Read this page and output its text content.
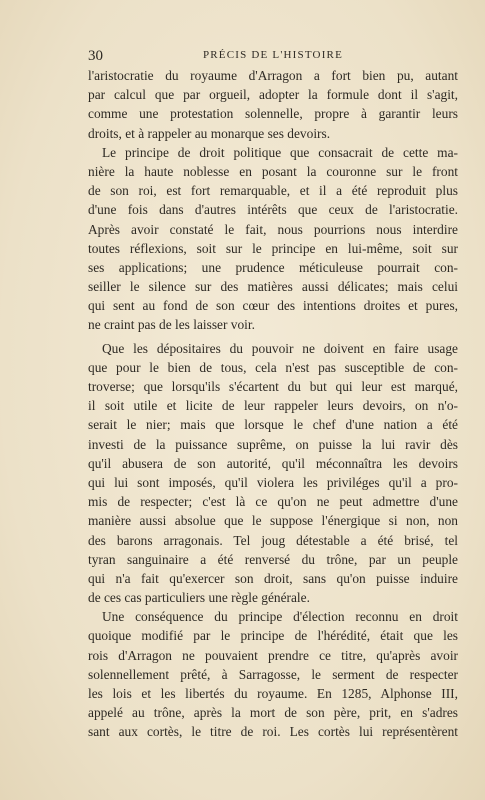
30	PRÉCIS DE L'HISTOIRE
l'aristocratie du royaume d'Arragon a fort bien pu, autant
par calcul que par orgueil, adopter la formule dont il s'agit,
comme une protestation solennelle, propre à garantir leurs
droits, et à rappeler au monarque ses devoirs.
Le principe de droit politique que consacrait de cette ma-
nière la haute noblesse en posant la couronne sur le front
de son roi, est fort remarquable, et il a été reproduit plus
d'une fois dans d'autres intérêts que ceux de l'aristocratie.
Après avoir constaté le fait, nous pourrions nous interdire
toutes réflexions, soit sur le principe en lui-même, soit sur
ses applications; une prudence méticuleuse pourrait con-
seiller le silence sur des matières aussi délicates; mais celui
qui sent au fond de son cœur des intentions droites et pures,
ne craint pas de les laisser voir.
Que les dépositaires du pouvoir ne doivent en faire usage
que pour le bien de tous, cela n'est pas susceptible de con-
troverse; que lorsqu'ils s'écartent du but qui leur est marqué,
il soit utile et licite de leur rappeler leurs devoirs, on n'o-
serait le nier; mais que lorsque le chef d'une nation a été
investi de la puissance suprême, on puisse la lui ravir dès
qu'il abusera de son autorité, qu'il méconnaîtra les devoirs
qui lui sont imposés, qu'il violera les priviléges qu'il a pro-
mis de respecter; c'est là ce qu'on ne peut admettre d'une
manière aussi absolue que le suppose l'énergique si non, non
des barons arragonais. Tel joug détestable a été brisé, tel
tyran sanguinaire a été renversé du trône, par un peuple
qui n'a fait qu'exercer son droit, sans qu'on puisse induire
de ces cas particuliers une règle générale.
Une conséquence du principe d'élection reconnu en droit
quoique modifié par le principe de l'hérédité, était que les
rois d'Arragon ne pouvaient prendre ce titre, qu'après avoir
solennellement prêté, à Sarragosse, le serment de respecter
les lois et les libertés du royaume. En 1285, Alphonse III,
appelé au trône, après la mort de son père, prit, en s'adres
sant aux cortès, le titre de roi. Les cortès lui représentèrent
